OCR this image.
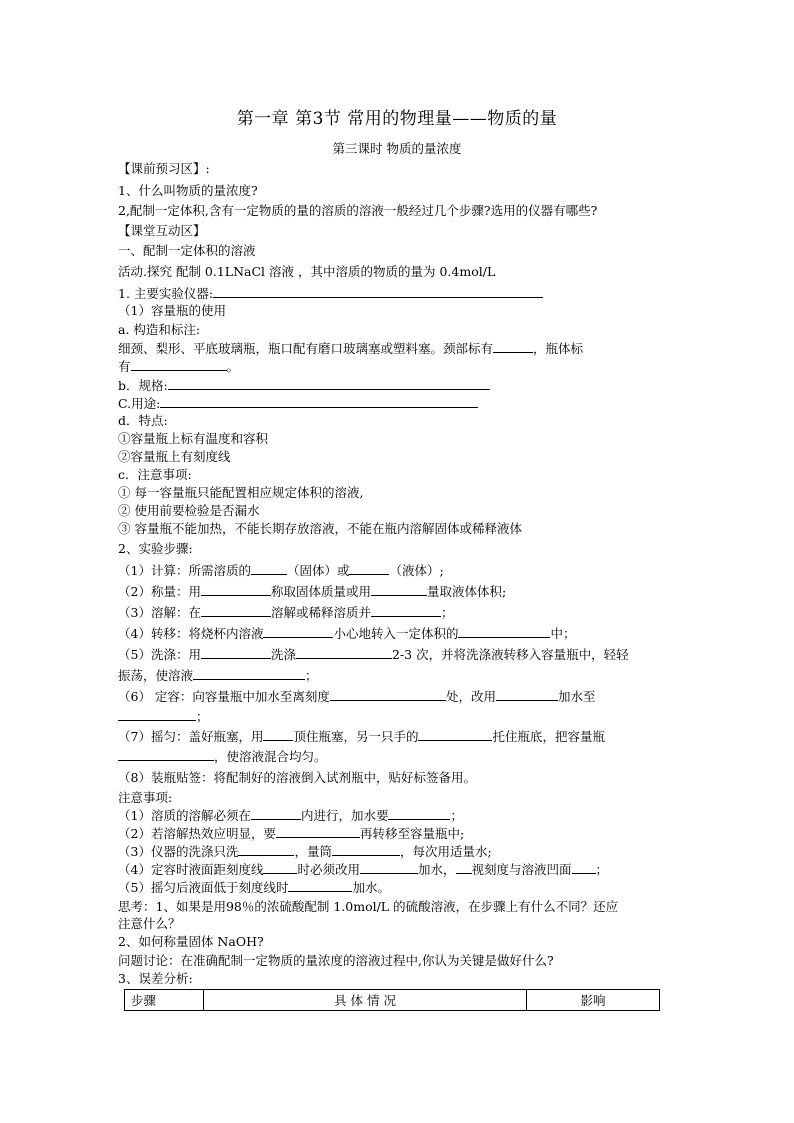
第一章 第3节 常用的物理量——物质的量
第三课时 物质的量浓度
【课前预习区】:
1、什么叫物质的量浓度?
2,配制一定体积,含有一定物质的量的溶质的溶液一般经过几个步骤?选用的仪器有哪些?
【课堂互动区】
一、配制一定体积的溶液
活动.探究 配制 0.1LNaCl 溶液 ，其中溶质的物质的量为 0.4mol/L
1. 主要实验仪器:
（1）容量瓶的使用
a. 构造和标注:
细颈、梨形、平底玻璃瓶，瓶口配有磨口玻璃塞或塑料塞。颈部标有	，瓶体标
有	。
b．规格:
C.用途:
d．特点:
①容量瓶上标有温度和容积
②容量瓶上有刻度线
c．注意事项:
① 每一容量瓶只能配置相应规定体积的溶液,
② 使用前要检验是否漏水
③ 容量瓶不能加热，不能长期存放溶液，不能在瓶内溶解固体或稀释液体
2、实验步骤:
（1）计算：所需溶质的	（固体）或	（液体）;
（2）称量：用	称取固体质量或用	量取液体体积;
（3）溶解：在	溶解或稀释溶质并	；
（4）转移：将烧杯内溶液	小心地转入一定体积的	中；
（5）洗涤：用	洗涤	2-3 次，并将洗涤液转移入容量瓶中，轻轻
振荡，使溶液	；
（6） 定容：向容量瓶中加水至离刻度	处，改用	加水至
；
（7）摇匀：盖好瓶塞，用 顶住瓶塞，另一只手的	托住瓶底，把容量瓶
，使溶液混合均匀。
（8）装瓶贴签：将配制好的溶液倒入试剂瓶中，贴好标签备用。
注意事项:
（1）溶质的溶解必须在	内进行，加水要	；
（2）若溶解热效应明显，要	再转移至容量瓶中;
（3）仪器的洗涤只洗	，量筒	，每次用适量水;
（4）定容时液面距刻度线	时必须改用	加水， 视刻度与溶液凹面 ；
（5）摇匀后液面低于刻度线时	加水。
思考：1、如果是用98％的浓硫酸配制 1.0mol/L 的硫酸溶液，在步骤上有什么不同？还应
注意什么？
2、如何称量固体 NaOH?
问题讨论：在准确配制一定物质的量浓度的溶液过程中,你认为关键是做好什么?
3、误差分析:
步骤	具 体 情 况	影响
